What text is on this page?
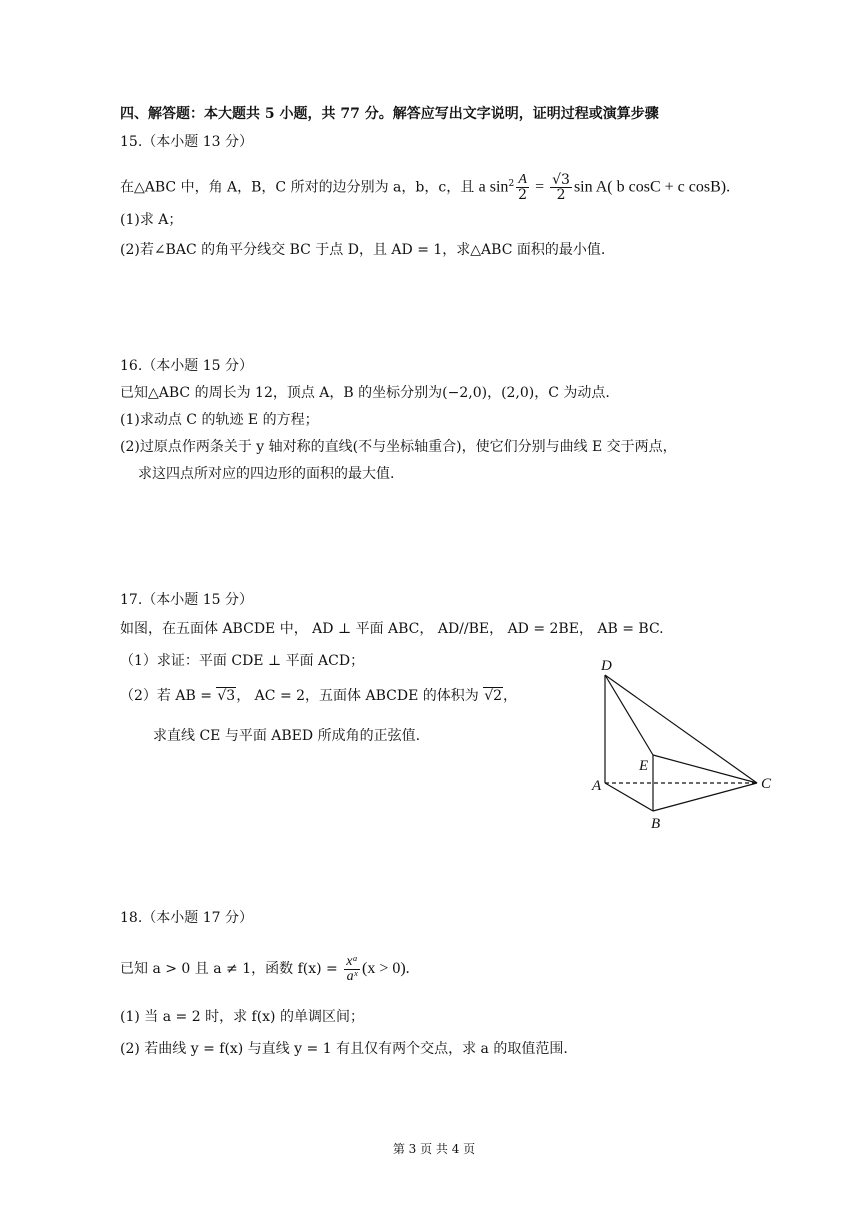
四、解答题：本大题共 5 小题，共 77 分。解答应写出文字说明，证明过程或演算步骤
15.（本小题 13 分）
在△ABC 中，角 A，B，C 所对的边分别为 a，b，c，且 a $\sin^2 \frac{A}{2} = \frac{√3}{2}$ sin A( b cosC + c cosB).
(1)求 A；
(2)若∠BAC 的角平分线交 BC 于点 D，且 AD = 1，求△ABC 面积的最小值.
16.（本小题 15 分）
已知△ABC 的周长为 12，顶点 A，B 的坐标分别为(−2,0)，(2,0)，C 为动点.
(1)求动点 C 的轨迹 E 的方程；
(2)过原点作两条关于 y 轴对称的直线(不与坐标轴重合)，使它们分别与曲线 E 交于两点，
求这四点所对应的四边形的面积的最大值.
17.（本小题 15 分）
如图，在五面体 ABCDE 中， AD ⊥ 平面 ABC， AD//BE， AD = 2BE， AB = BC.
（1）求证：平面 CDE ⊥ 平面 ACD；
（2）若 AB = √3， AC = 2，五面体 ABCDE 的体积为 √2，
求直线 CE 与平面 ABED 所成角的正弦值.
D
E
A	C
B
18.（本小题 17 分）
已知 a > 0 且 a ≠ 1，函数 $f(x) = \frac{\text{xᵃ}}{\text{aˣ}} (x > 0)$.
(1) 当 a = 2 时，求 f(x) 的单调区间；
(2) 若曲线 y = f(x) 与直线 y = 1 有且仅有两个交点，求 a 的取值范围.
第 3 页 共 4 页
